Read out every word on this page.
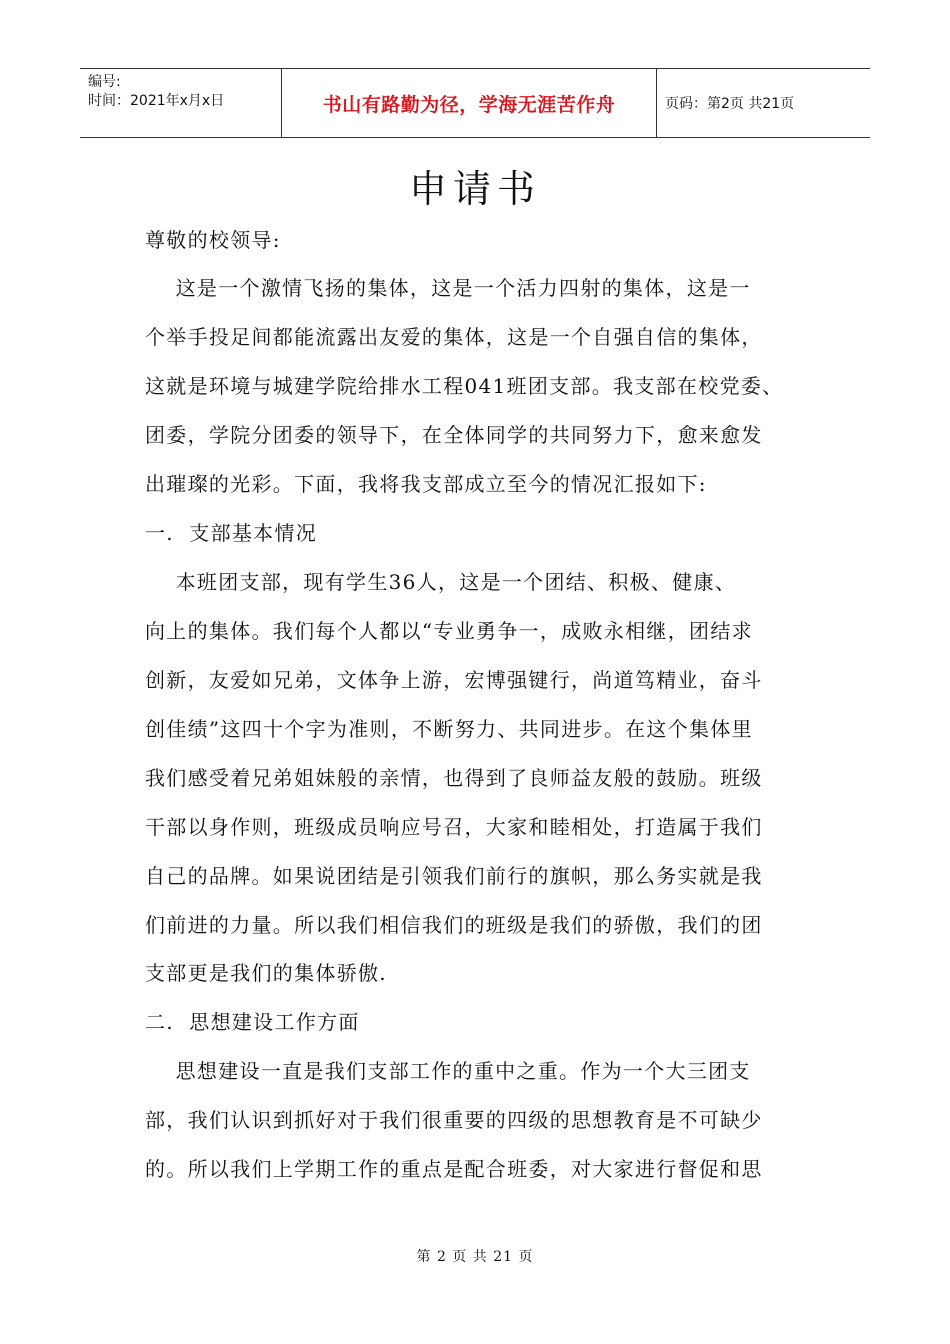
编号:
时间：2021年x月x日	书山有路勤为径，学海无涯苦作舟	页码：第2页 共21页
申请书
尊敬的校领导:
这是一个激情飞扬的集体，这是一个活力四射的集体，这是一
个举手投足间都能流露出友爱的集体，这是一个自强自信的集体，
这就是环境与城建学院给排水工程041班团支部。我支部在校党委、
团委，学院分团委的领导下，在全体同学的共同努力下，愈来愈发
出璀璨的光彩。下面，我将我支部成立至今的情况汇报如下:
一.  支部基本情况
本班团支部，现有学生36人，这是一个团结、积极、健康、
向上的集体。我们每个人都以“专业勇争一，成败永相继，团结求
创新，友爱如兄弟，文体争上游，宏博强键行，尚道笃精业，奋斗
创佳绩”这四十个字为准则，不断努力、共同进步。在这个集体里
我们感受着兄弟姐妹般的亲情，也得到了良师益友般的鼓励。班级
干部以身作则，班级成员响应号召，大家和睦相处，打造属于我们
自己的品牌。如果说团结是引领我们前行的旗帜，那么务实就是我
们前进的力量。所以我们相信我们的班级是我们的骄傲，我们的团
支部更是我们的集体骄傲.
二.  思想建设工作方面
思想建设一直是我们支部工作的重中之重。作为一个大三团支
部，我们认识到抓好对于我们很重要的四级的思想教育是不可缺少
的。所以我们上学期工作的重点是配合班委，对大家进行督促和思
第 2 页 共 21 页
